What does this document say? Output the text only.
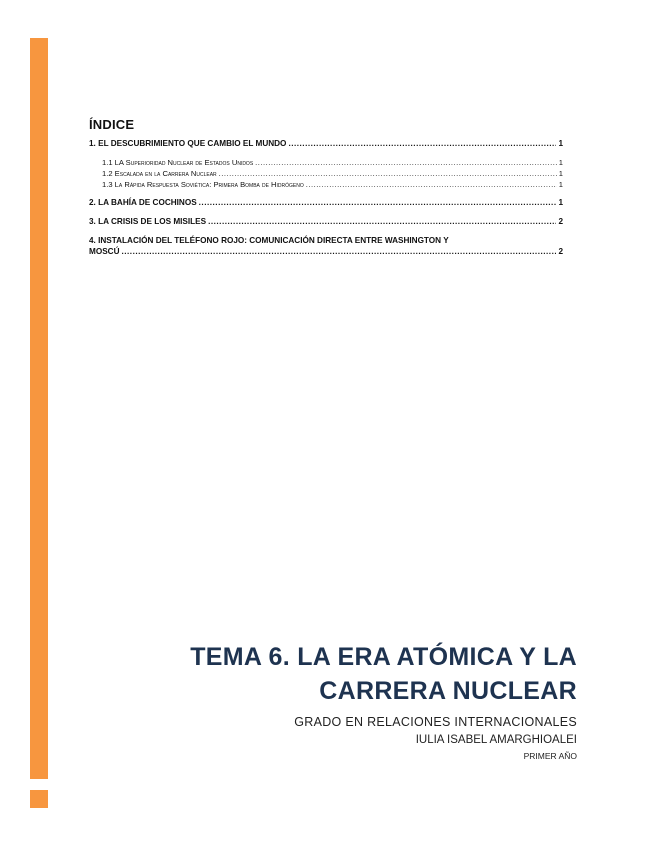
ÍNDICE
1. EL DESCUBRIMIENTO QUE CAMBIO EL MUNDO .....	1
1.1 LA Superioridad Nuclear de Estados Unidos .....	1
1.2 Escalada en la Carrera Nuclear .....	1
1.3 La Rápida Respuesta Soviética: Primera Bomba de Hidrógeno .....	1
2. LA BAHÍA DE COCHINOS .....	1
3. LA CRISIS DE LOS MISILES .....	2
4. INSTALACIÓN DEL TELÉFONO ROJO: COMUNICACIÓN DIRECTA ENTRE WASHINGTON Y
MOSCÚ .....	2
TEMA 6. LA ERA ATÓMICA Y LA
CARRERA NUCLEAR
GRADO EN RELACIONES INTERNACIONALES
IULIA ISABEL AMARGHIOALEI
PRIMER AÑO
